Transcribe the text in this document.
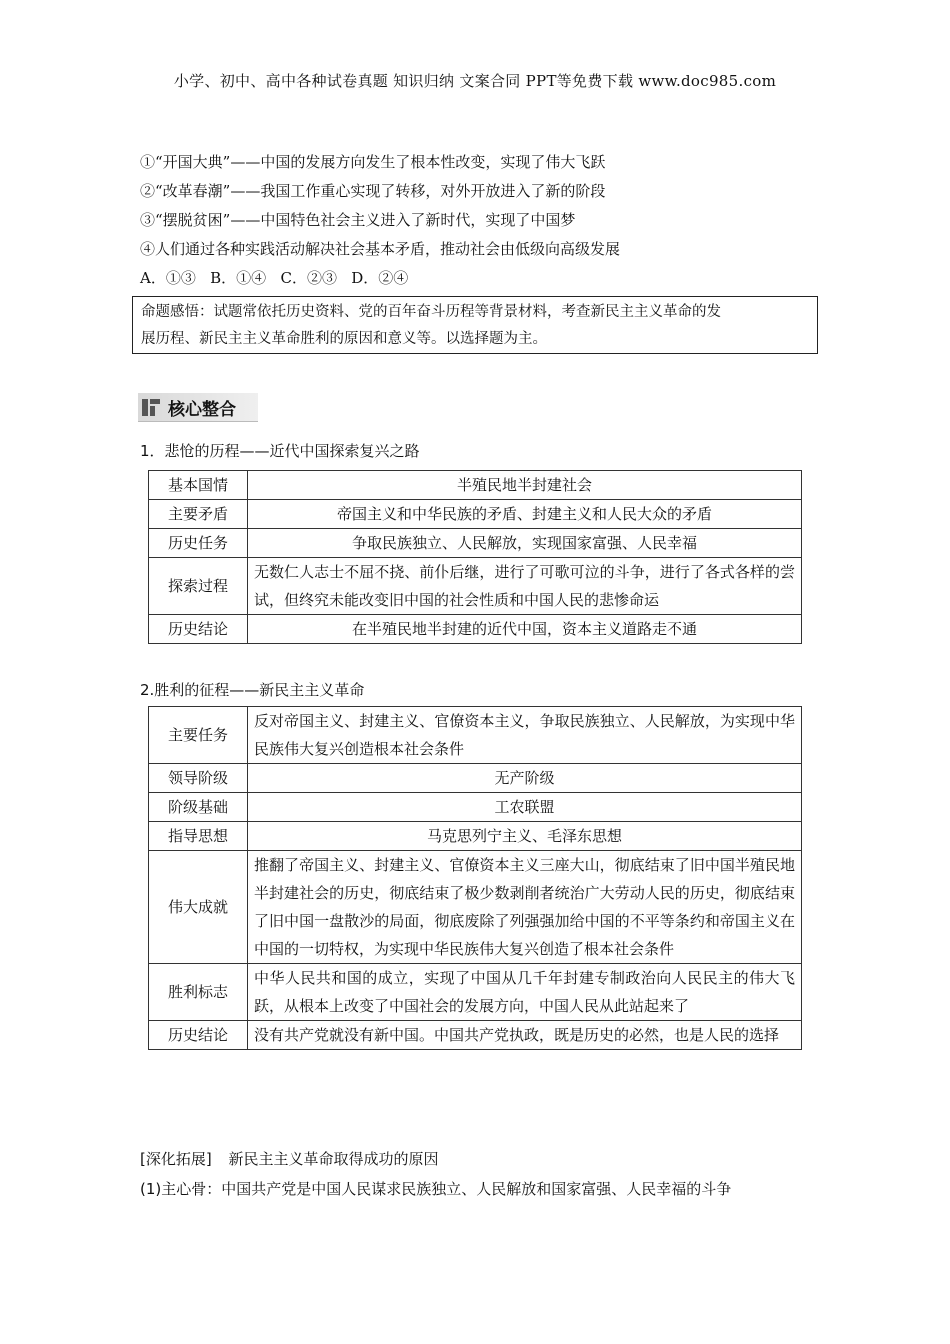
小学、初中、高中各种试卷真题 知识归纳 文案合同 PPT等免费下载 www.doc985.com
①“开国大典”——中国的发展方向发生了根本性改变，实现了伟大飞跃
②“改革春潮”——我国工作重心实现了转移，对外开放进入了新的阶段
③“摆脱贫困”——中国特色社会主义进入了新时代，实现了中国梦
④人们通过各种实践活动解决社会基本矛盾，推动社会由低级向高级发展
A．①③   B．①④   C．②③   D．②④
命题感悟：试题常依托历史资料、党的百年奋斗历程等背景材料，考查新民主主义革命的发
展历程、新民主主义革命胜利的原因和意义等。以选择题为主。
核心整合
1．悲怆的历程——近代中国探索复兴之路
基本国情	半殖民地半封建社会
主要矛盾	帝国主义和中华民族的矛盾、封建主义和人民大众的矛盾
历史任务	争取民族独立、人民解放，实现国家富强、人民幸福
探索过程	无数仁人志士不屈不挠、前仆后继，进行了可歌可泣的斗争，进行了各式各样的尝试，但终究未能改变旧中国的社会性质和中国人民的悲惨命运
历史结论	在半殖民地半封建的近代中国，资本主义道路走不通
2.胜利的征程——新民主主义革命
主要任务	反对帝国主义、封建主义、官僚资本主义，争取民族独立、人民解放，为实现中华民族伟大复兴创造根本社会条件
领导阶级	无产阶级
阶级基础	工农联盟
指导思想	马克思列宁主义、毛泽东思想
伟大成就	推翻了帝国主义、封建主义、官僚资本主义三座大山，彻底结束了旧中国半殖民地半封建社会的历史，彻底结束了极少数剥削者统治广大劳动人民的历史，彻底结束了旧中国一盘散沙的局面，彻底废除了列强强加给中国的不平等条约和帝国主义在中国的一切特权，为实现中华民族伟大复兴创造了根本社会条件
胜利标志	中华人民共和国的成立，实现了中国从几千年封建专制政治向人民民主的伟大飞跃，从根本上改变了中国社会的发展方向，中国人民从此站起来了
历史结论	没有共产党就没有新中国。中国共产党执政，既是历史的必然，也是人民的选择
[深化拓展] 新民主主义革命取得成功的原因
(1)主心骨：中国共产党是中国人民谋求民族独立、人民解放和国家富强、人民幸福的斗争
